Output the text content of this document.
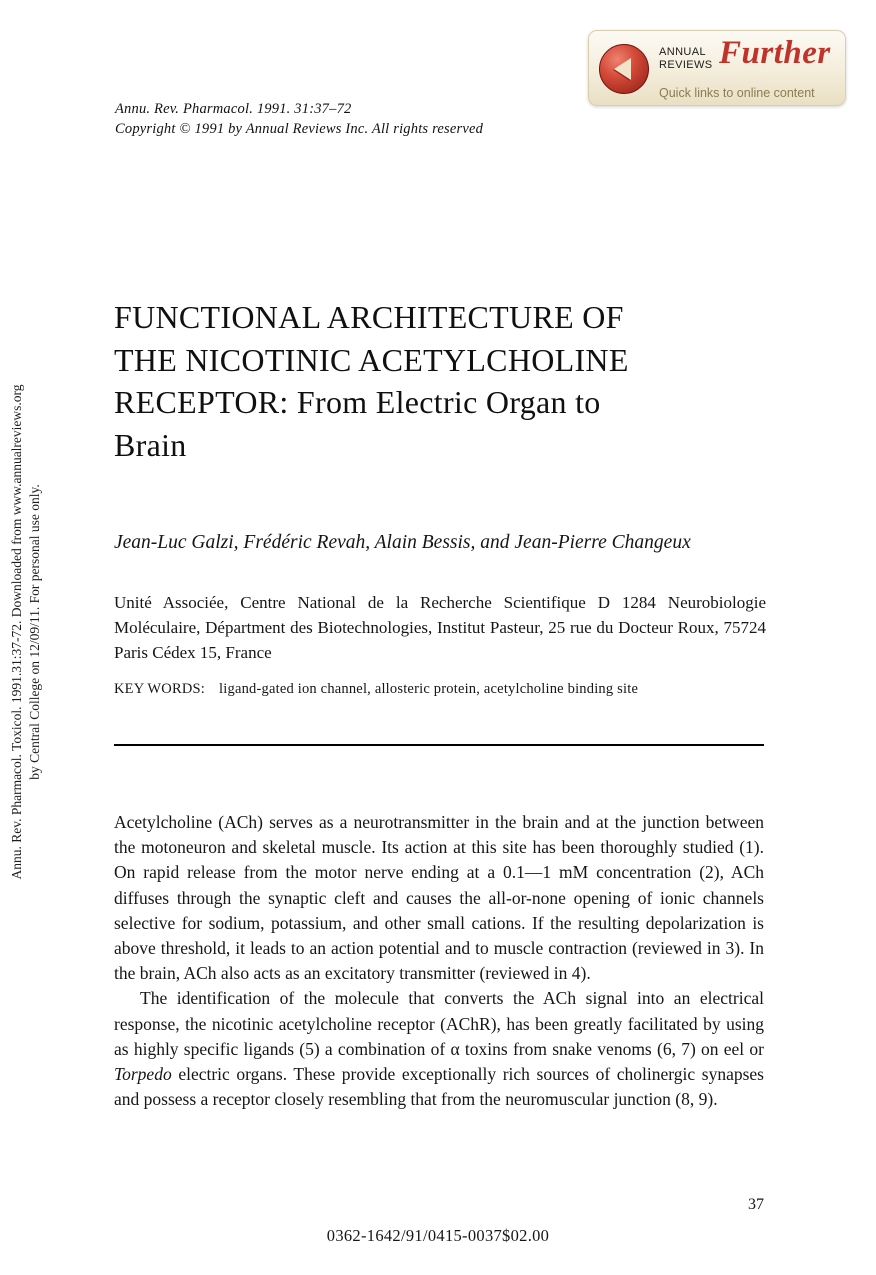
Annu. Rev. Pharmacol. 1991. 31:37–72
Copyright © 1991 by Annual Reviews Inc. All rights reserved
ANNUAL
REVIEWS Further
Quick links to online content
Annu. Rev. Pharmacol. Toxicol. 1991.31:37-72. Downloaded from www.annualreviews.org by Central College on 12/09/11. For personal use only.
FUNCTIONAL ARCHITECTURE OF
THE NICOTINIC ACETYLCHOLINE
RECEPTOR: From Electric Organ to
Brain
Jean-Luc Galzi, Frédéric Revah, Alain Bessis, and Jean-Pierre Changeux
Unité Associée, Centre National de la Recherche Scientifique D 1284 Neurobiologie Moléculaire, Départment des Biotechnologies, Institut Pasteur, 25 rue du Docteur Roux, 75724 Paris Cédex 15, France
KEY WORDS: ligand-gated ion channel, allosteric protein, acetylcholine binding site

Acetylcholine (ACh) serves as a neurotransmitter in the brain and at the junction between the motoneuron and skeletal muscle. Its action at this site has been thoroughly studied (1). On rapid release from the motor nerve ending at a 0.1—1 mM concentration (2), ACh diffuses through the synaptic cleft and causes the all-or-none opening of ionic channels selective for sodium, potassium, and other small cations. If the resulting depolarization is above threshold, it leads to an action potential and to muscle contraction (reviewed in 3). In the brain, ACh also acts as an excitatory transmitter (reviewed in 4).

The identification of the molecule that converts the ACh signal into an electrical response, the nicotinic acetylcholine receptor (AChR), has been greatly facilitated by using as highly specific ligands (5) a combination of α toxins from snake venoms (6, 7) on eel or Torpedo electric organs. These provide exceptionally rich sources of cholinergic synapses and possess a receptor closely resembling that from the neuromuscular junction (8, 9).

37
0362-1642/91/0415-0037$02.00
